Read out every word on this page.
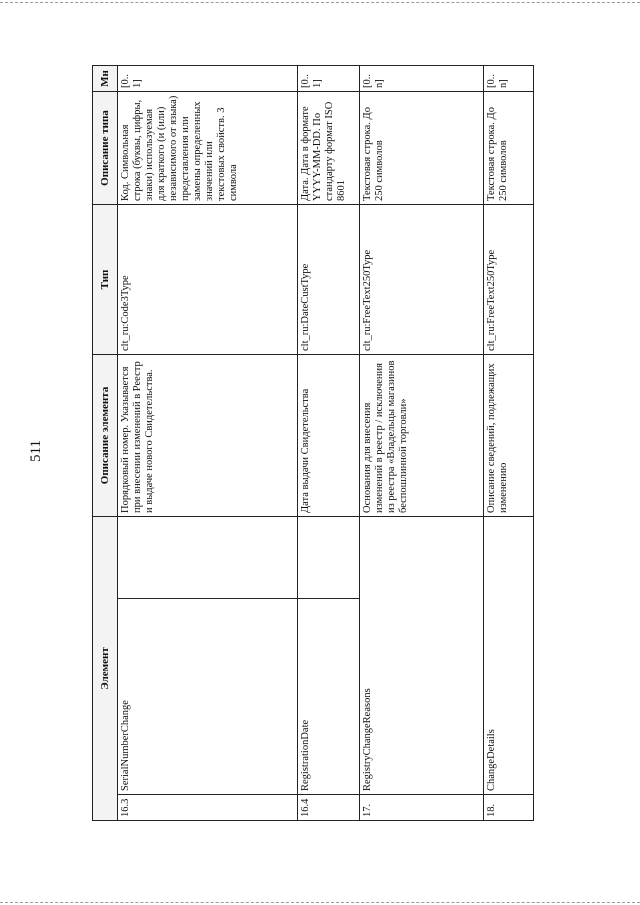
511
Элемент			Описание элемента	Тип	Описание типа	Мн
16.3	SerialNumberChange		Порядковый номер. Указывается при внесении изменений в Реестр и выдаче нового Свидетельства.	clt_ru:Code3Type	Код. Символьная строка (буквы, цифры, знаки) используемая для краткого (и (или) независимого от языка) представления или замены определенных значений или текстовых свойств. 3 символа	[0..1]
16.4	RegistrationDate		Дата выдачи Свидетельства	clt_ru:DateCustType	Дата. Дата в формате YYYY-MM-DD. По стандарту формат ISO 8601	[0..1]
17.	RegistryChangeReasons		Основания для внесения изменений в реестр / исключения из реестра «Владельцы магазинов беспошлинной торговли»	clt_ru:FreeText250Type	Текстовая строка. До 250 символов	[0..n]
18.	ChangeDetails		Описание сведений, подлежащих изменению	clt_ru:FreeText250Type	Текстовая строка. До 250 символов	[0..n]
